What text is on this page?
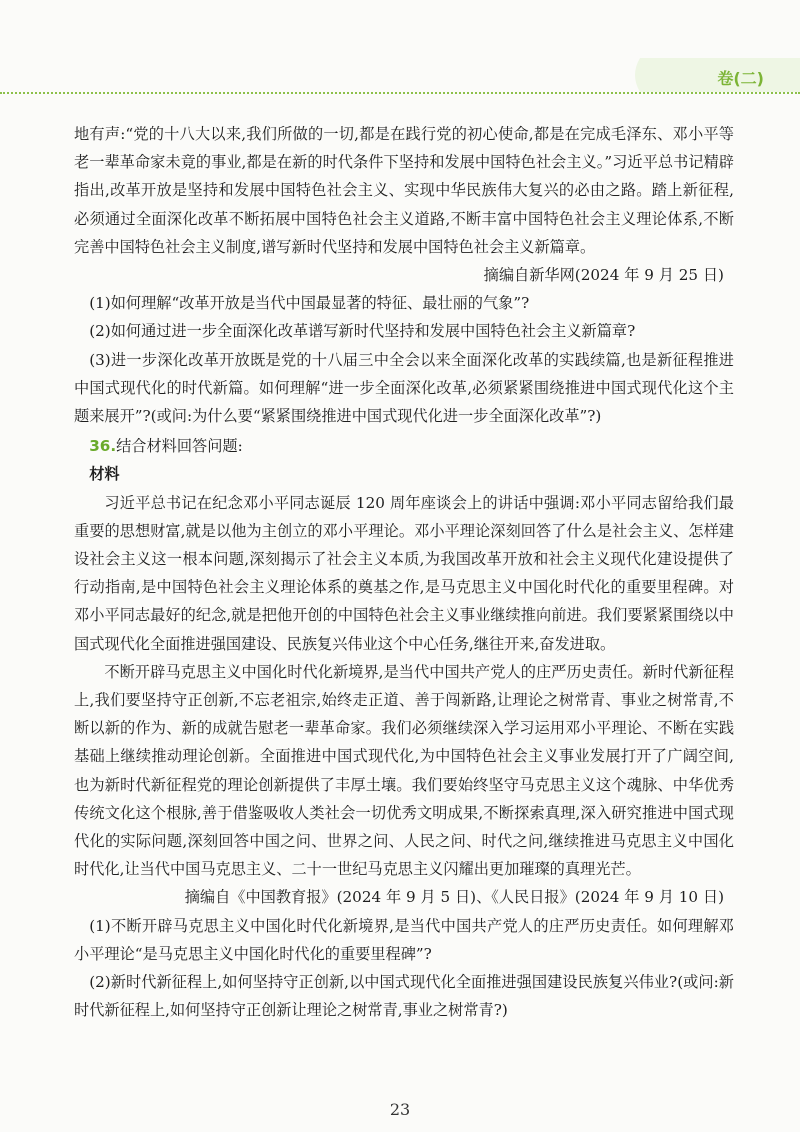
卷(二)

地有声:“党的十八大以来,我们所做的一切,都是在践行党的初心使命,都是在完成毛泽东、邓小平等老一辈革命家未竟的事业,都是在新的时代条件下坚持和发展中国特色社会主义。”习近平总书记精辟指出,改革开放是坚持和发展中国特色社会主义、实现中华民族伟大复兴的必由之路。踏上新征程,必须通过全面深化改革不断拓展中国特色社会主义道路,不断丰富中国特色社会主义理论体系,不断完善中国特色社会主义制度,谱写新时代坚持和发展中国特色社会主义新篇章。

摘编自新华网(2024 年 9 月 25 日)

(1)如何理解“改革开放是当代中国最显著的特征、最壮丽的气象”?

(2)如何通过进一步全面深化改革谱写新时代坚持和发展中国特色社会主义新篇章?

(3)进一步深化改革开放既是党的十八届三中全会以来全面深化改革的实践续篇,也是新征程推进中国式现代化的时代新篇。如何理解“进一步全面深化改革,必须紧紧围绕推进中国式现代化这个主题来展开”?(或问:为什么要“紧紧围绕推进中国式现代化进一步全面深化改革”?)

36.结合材料回答问题:

材料

习近平总书记在纪念邓小平同志诞辰 120 周年座谈会上的讲话中强调:邓小平同志留给我们最重要的思想财富,就是以他为主创立的邓小平理论。邓小平理论深刻回答了什么是社会主义、怎样建设社会主义这一根本问题,深刻揭示了社会主义本质,为我国改革开放和社会主义现代化建设提供了行动指南,是中国特色社会主义理论体系的奠基之作,是马克思主义中国化时代化的重要里程碑。对邓小平同志最好的纪念,就是把他开创的中国特色社会主义事业继续推向前进。我们要紧紧围绕以中国式现代化全面推进强国建设、民族复兴伟业这个中心任务,继往开来,奋发进取。

不断开辟马克思主义中国化时代化新境界,是当代中国共产党人的庄严历史责任。新时代新征程上,我们要坚持守正创新,不忘老祖宗,始终走正道、善于闯新路,让理论之树常青、事业之树常青,不断以新的作为、新的成就告慰老一辈革命家。我们必须继续深入学习运用邓小平理论、不断在实践基础上继续推动理论创新。全面推进中国式现代化,为中国特色社会主义事业发展打开了广阔空间,也为新时代新征程党的理论创新提供了丰厚土壤。我们要始终坚守马克思主义这个魂脉、中华优秀传统文化这个根脉,善于借鉴吸收人类社会一切优秀文明成果,不断探索真理,深入研究推进中国式现代化的实际问题,深刻回答中国之问、世界之问、人民之问、时代之问,继续推进马克思主义中国化时代化,让当代中国马克思主义、二十一世纪马克思主义闪耀出更加璀璨的真理光芒。

摘编自《中国教育报》(2024 年 9 月 5 日)、《人民日报》(2024 年 9 月 10 日)

(1)不断开辟马克思主义中国化时代化新境界,是当代中国共产党人的庄严历史责任。如何理解邓小平理论“是马克思主义中国化时代化的重要里程碑”?

(2)新时代新征程上,如何坚持守正创新,以中国式现代化全面推进强国建设民族复兴伟业?(或问:新时代新征程上,如何坚持守正创新让理论之树常青,事业之树常青?)

23
